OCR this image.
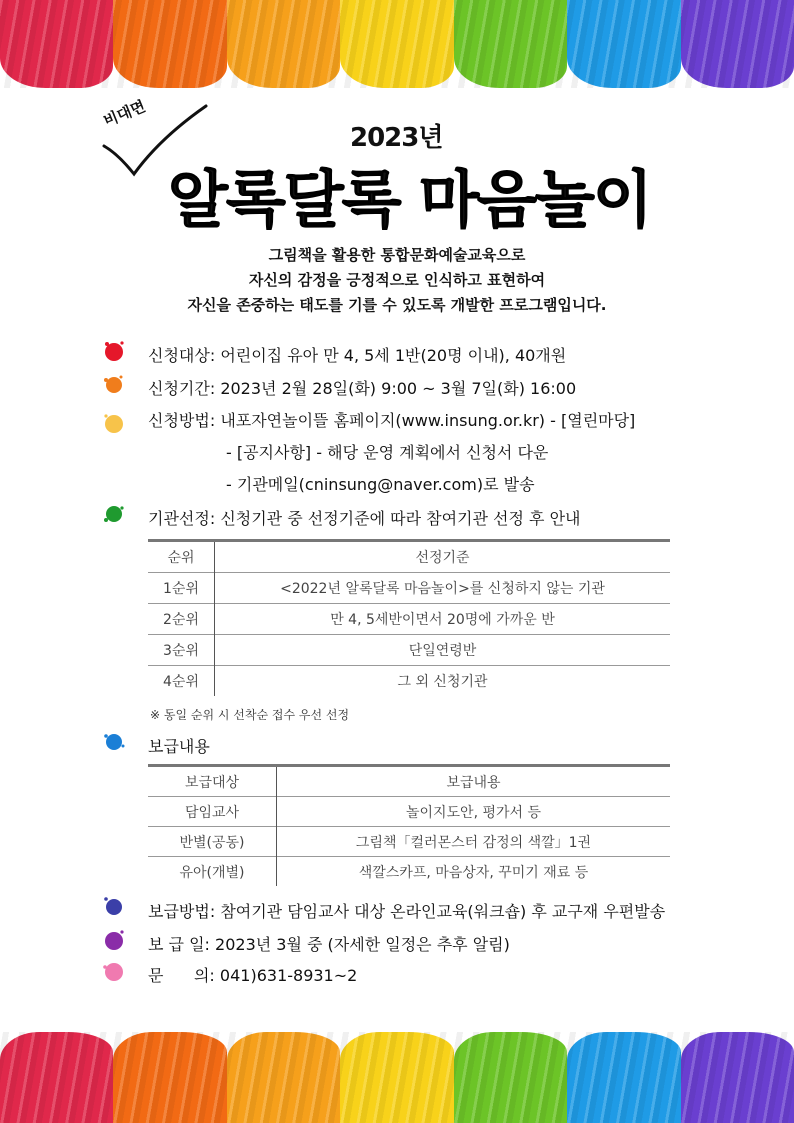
비대면
2023년
알록달록 마음놀이
그림책을 활용한 통합문화예술교육으로
자신의 감정을 긍정적으로 인식하고 표현하여
자신을 존중하는 태도를 기를 수 있도록 개발한 프로그램입니다.
신청대상: 어린이집 유아 만 4, 5세 1반(20명 이내), 40개원
신청기간: 2023년 2월 28일(화) 9:00 ~ 3월 7일(화) 16:00
신청방법: 내포자연놀이뜰 홈페이지(www.insung.or.kr) - [열린마당]
- [공지사항] - 해당 운영 계획에서 신청서 다운
- 기관메일(cninsung@naver.com)로 발송
기관선정: 신청기관 중 선정기준에 따라 참여기관 선정 후 안내
순위	선정기준
1순위	<2022년 알록달록 마음놀이>를 신청하지 않는 기관
2순위	만 4, 5세반이면서 20명에 가까운 반
3순위	단일연령반
4순위	그 외 신청기관
※ 동일 순위 시 선착순 접수 우선 선정
보급내용
보급대상	보급내용
담임교사	놀이지도안, 평가서 등
반별(공동)	그림책「컬러몬스터 감정의 색깔」1권
유아(개별)	색깔스카프, 마음상자, 꾸미기 재료 등
보급방법: 참여기관 담임교사 대상 온라인교육(워크숍) 후 교구재 우편발송
보 급 일: 2023년 3월 중 (자세한 일정은 추후 알림)
문      의: 041)631-8931~2
